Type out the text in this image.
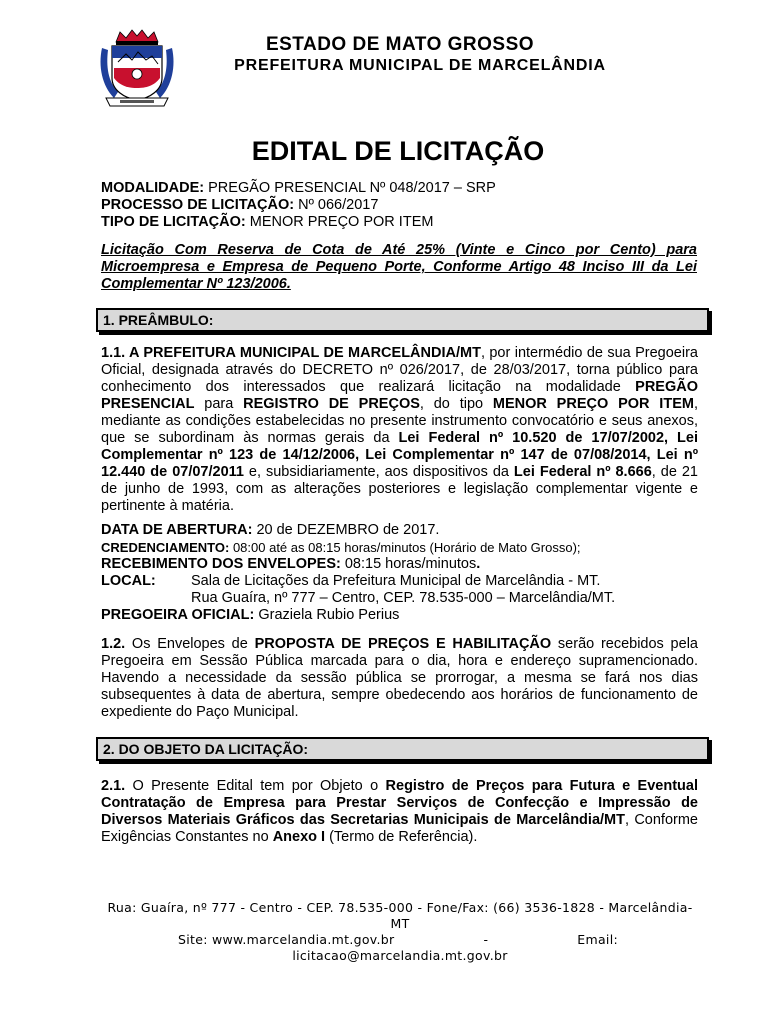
ESTADO DE MATO GROSSO
PREFEITURA MUNICIPAL DE MARCELÂNDIA
EDITAL DE LICITAÇÃO
MODALIDADE: PREGÃO PRESENCIAL Nº 048/2017 – SRP
PROCESSO DE LICITAÇÃO: Nº 066/2017
TIPO DE LICITAÇÃO: MENOR PREÇO POR ITEM
Licitação Com Reserva de Cota de Até 25% (Vinte e Cinco por Cento) para Microempresa e Empresa de Pequeno Porte, Conforme Artigo 48 Inciso III da Lei Complementar Nº 123/2006.
1. PREÂMBULO:
1.1. A PREFEITURA MUNICIPAL DE MARCELÂNDIA/MT, por intermédio de sua Pregoeira Oficial, designada através do DECRETO nº 026/2017, de 28/03/2017, torna público para conhecimento dos interessados que realizará licitação na modalidade PREGÃO PRESENCIAL para REGISTRO DE PREÇOS, do tipo MENOR PREÇO POR ITEM, mediante as condições estabelecidas no presente instrumento convocatório e seus anexos, que se subordinam às normas gerais da Lei Federal nº 10.520 de 17/07/2002, Lei Complementar nº 123 de 14/12/2006, Lei Complementar nº 147 de 07/08/2014, Lei nº 12.440 de 07/07/2011 e, subsidiariamente, aos dispositivos da Lei Federal nº 8.666, de 21 de junho de 1993, com as alterações posteriores e legislação complementar vigente e pertinente à matéria.
DATA DE ABERTURA: 20 de DEZEMBRO de 2017.
CREDENCIAMENTO: 08:00 até as 08:15 horas/minutos (Horário de Mato Grosso);
RECEBIMENTO DOS ENVELOPES: 08:15 horas/minutos.
LOCAL: Sala de Licitações da Prefeitura Municipal de Marcelândia - MT.
Rua Guaíra, nº 777 – Centro, CEP. 78.535-000 – Marcelândia/MT.
PREGOEIRA OFICIAL: Graziela Rubio Perius
1.2. Os Envelopes de PROPOSTA DE PREÇOS E HABILITAÇÃO serão recebidos pela Pregoeira em Sessão Pública marcada para o dia, hora e endereço supramencionado. Havendo a necessidade da sessão pública se prorrogar, a mesma se fará nos dias subsequentes à data de abertura, sempre obedecendo aos horários de funcionamento de expediente do Paço Municipal.
2. DO OBJETO DA LICITAÇÃO:
2.1. O Presente Edital tem por Objeto o Registro de Preços para Futura e Eventual Contratação de Empresa para Prestar Serviços de Confecção e Impressão de Diversos Materiais Gráficos das Secretarias Municipais de Marcelândia/MT, Conforme Exigências Constantes no Anexo I (Termo de Referência).
Rua: Guaíra, nº 777 - Centro - CEP. 78.535-000 - Fone/Fax: (66) 3536-1828 - Marcelândia-MT
Site: www.marcelandia.mt.gov.br	-	Email:
licitacao@marcelandia.mt.gov.br
